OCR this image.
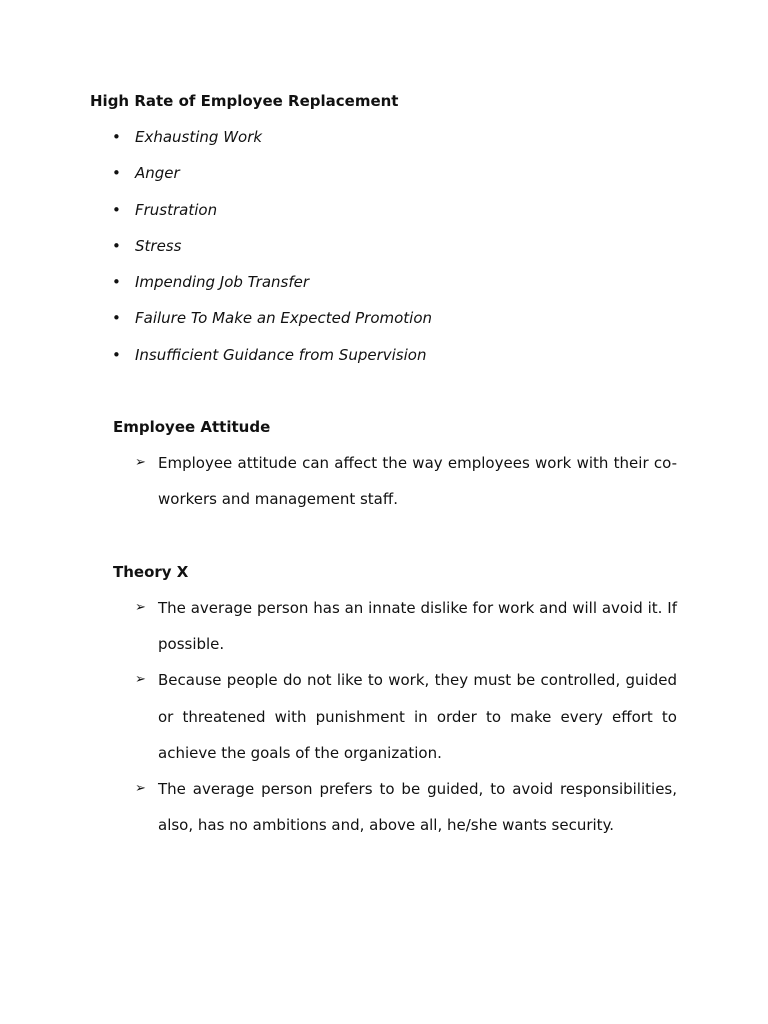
High Rate of Employee Replacement
• Exhausting Work
• Anger
• Frustration
• Stress
• Impending Job Transfer
• Failure To Make an Expected Promotion
• Insufficient Guidance from Supervision
Employee Attitude
➢ Employee attitude can affect the way employees work with their co-workers and management staff.
Theory X
➢ The average person has an innate dislike for work and will avoid it. If possible.
➢ Because people do not like to work, they must be controlled, guided or threatened with punishment in order to make every effort to achieve the goals of the organization.
➢ The average person prefers to be guided, to avoid responsibilities, also, has no ambitions and, above all, he/she wants security.
